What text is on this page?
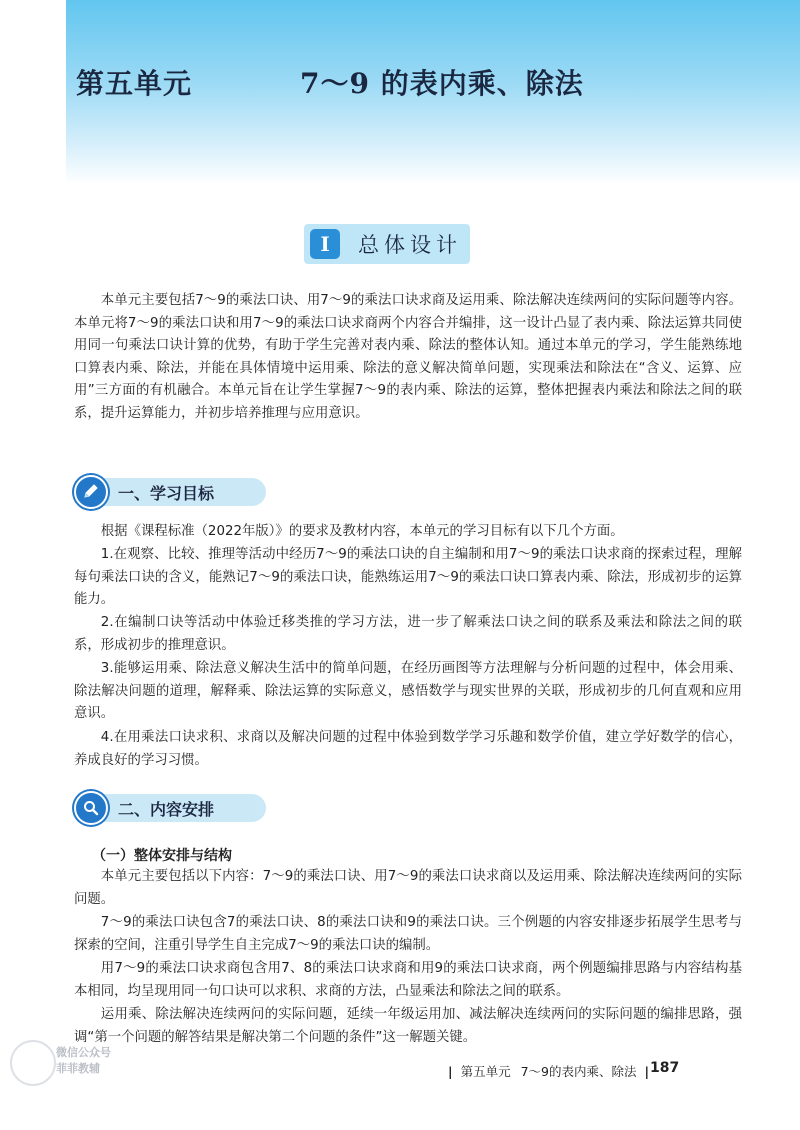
第五单元	7～9 的表内乘、除法
I	总体设计

本单元主要包括7～9的乘法口诀、用7～9的乘法口诀求商及运用乘、除法解决连续两问的实际问题等内容。本单元将7～9的乘法口诀和用7～9的乘法口诀求商两个内容合并编排，这一设计凸显了表内乘、除法运算共同使用同一句乘法口诀计算的优势，有助于学生完善对表内乘、除法的整体认知。通过本单元的学习，学生能熟练地口算表内乘、除法，并能在具体情境中运用乘、除法的意义解决简单问题，实现乘法和除法在“含义、运算、应用”三方面的有机融合。本单元旨在让学生掌握7～9的表内乘、除法的运算，整体把握表内乘法和除法之间的联系，提升运算能力，并初步培养推理与应用意识。

一、学习目标

根据《课程标准（2022年版）》的要求及教材内容，本单元的学习目标有以下几个方面。

1.在观察、比较、推理等活动中经历7～9的乘法口诀的自主编制和用7～9的乘法口诀求商的探索过程，理解每句乘法口诀的含义，能熟记7～9的乘法口诀，能熟练运用7～9的乘法口诀口算表内乘、除法，形成初步的运算能力。

2.在编制口诀等活动中体验迁移类推的学习方法，进一步了解乘法口诀之间的联系及乘法和除法之间的联系，形成初步的推理意识。

3.能够运用乘、除法意义解决生活中的简单问题，在经历画图等方法理解与分析问题的过程中，体会用乘、除法解决问题的道理，解释乘、除法运算的实际意义，感悟数学与现实世界的关联，形成初步的几何直观和应用意识。

4.在用乘法口诀求积、求商以及解决问题的过程中体验到数学学习乐趣和数学价值，建立学好数学的信心，养成良好的学习习惯。

二、内容安排
（一）整体安排与结构

本单元主要包括以下内容：7～9的乘法口诀、用7～9的乘法口诀求商以及运用乘、除法解决连续两问的实际问题。

7～9的乘法口诀包含7的乘法口诀、8的乘法口诀和9的乘法口诀。三个例题的内容安排逐步拓展学生思考与探索的空间，注重引导学生自主完成7～9的乘法口诀的编制。

用7～9的乘法口诀求商包含用7、8的乘法口诀求商和用9的乘法口诀求商，两个例题编排思路与内容结构基本相同，均呈现用同一句口诀可以求积、求商的方法，凸显乘法和除法之间的联系。

运用乘、除法解决连续两问的实际问题，延续一年级运用加、减法解决连续两问的实际问题的编排思路，强调“第一个问题的解答结果是解决第二个问题的条件”这一解题关键。

微信公众号
菲菲教辅	| 第五单元 7～9的表内乘、除法 | 187
